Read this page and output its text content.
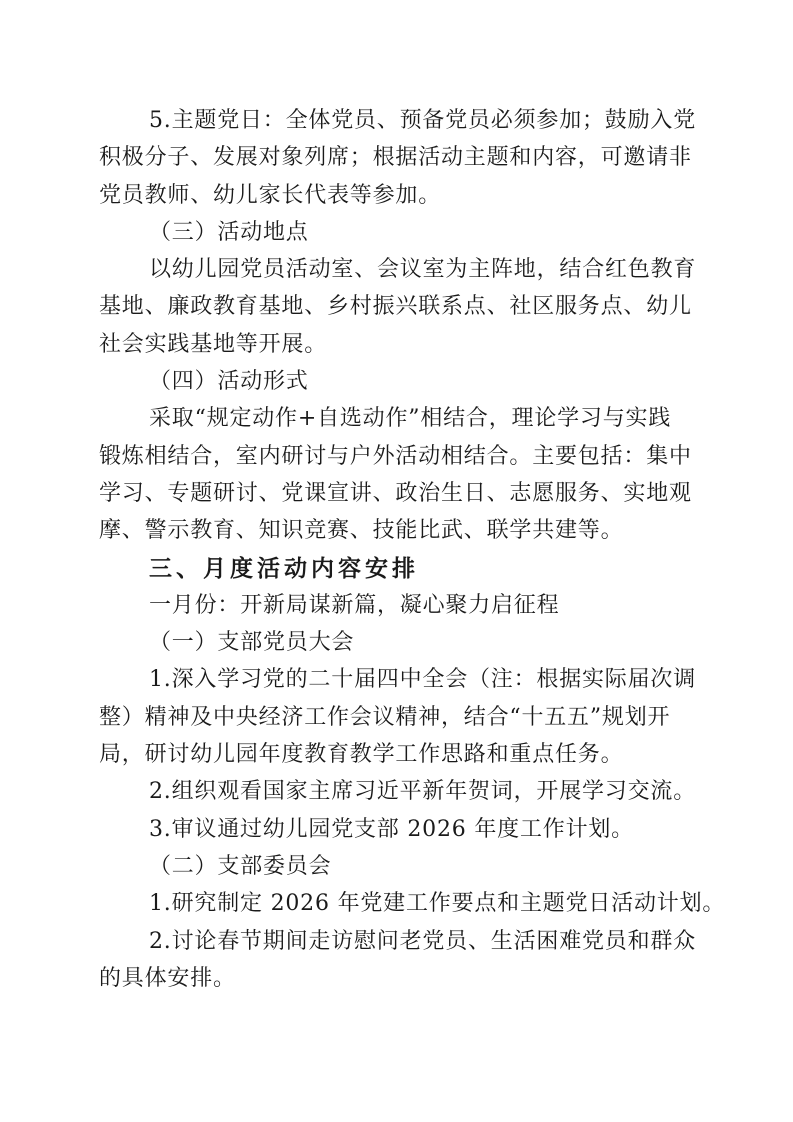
5.主题党日：全体党员、预备党员必须参加；鼓励入党
积极分子、发展对象列席；根据活动主题和内容，可邀请非
党员教师、幼儿家长代表等参加。
（三）活动地点
以幼儿园党员活动室、会议室为主阵地，结合红色教育
基地、廉政教育基地、乡村振兴联系点、社区服务点、幼儿
社会实践基地等开展。
（四）活动形式
采取“规定动作+自选动作”相结合，理论学习与实践
锻炼相结合，室内研讨与户外活动相结合。主要包括：集中
学习、专题研讨、党课宣讲、政治生日、志愿服务、实地观
摩、警示教育、知识竞赛、技能比武、联学共建等。
三、月度活动内容安排
一月份：开新局谋新篇，凝心聚力启征程
（一）支部党员大会
1.深入学习党的二十届四中全会（注：根据实际届次调
整）精神及中央经济工作会议精神，结合“十五五”规划开
局，研讨幼儿园年度教育教学工作思路和重点任务。
2.组织观看国家主席习近平新年贺词，开展学习交流。
3.审议通过幼儿园党支部 2026 年度工作计划。
（二）支部委员会
1.研究制定 2026 年党建工作要点和主题党日活动计划。
2.讨论春节期间走访慰问老党员、生活困难党员和群众
的具体安排。
